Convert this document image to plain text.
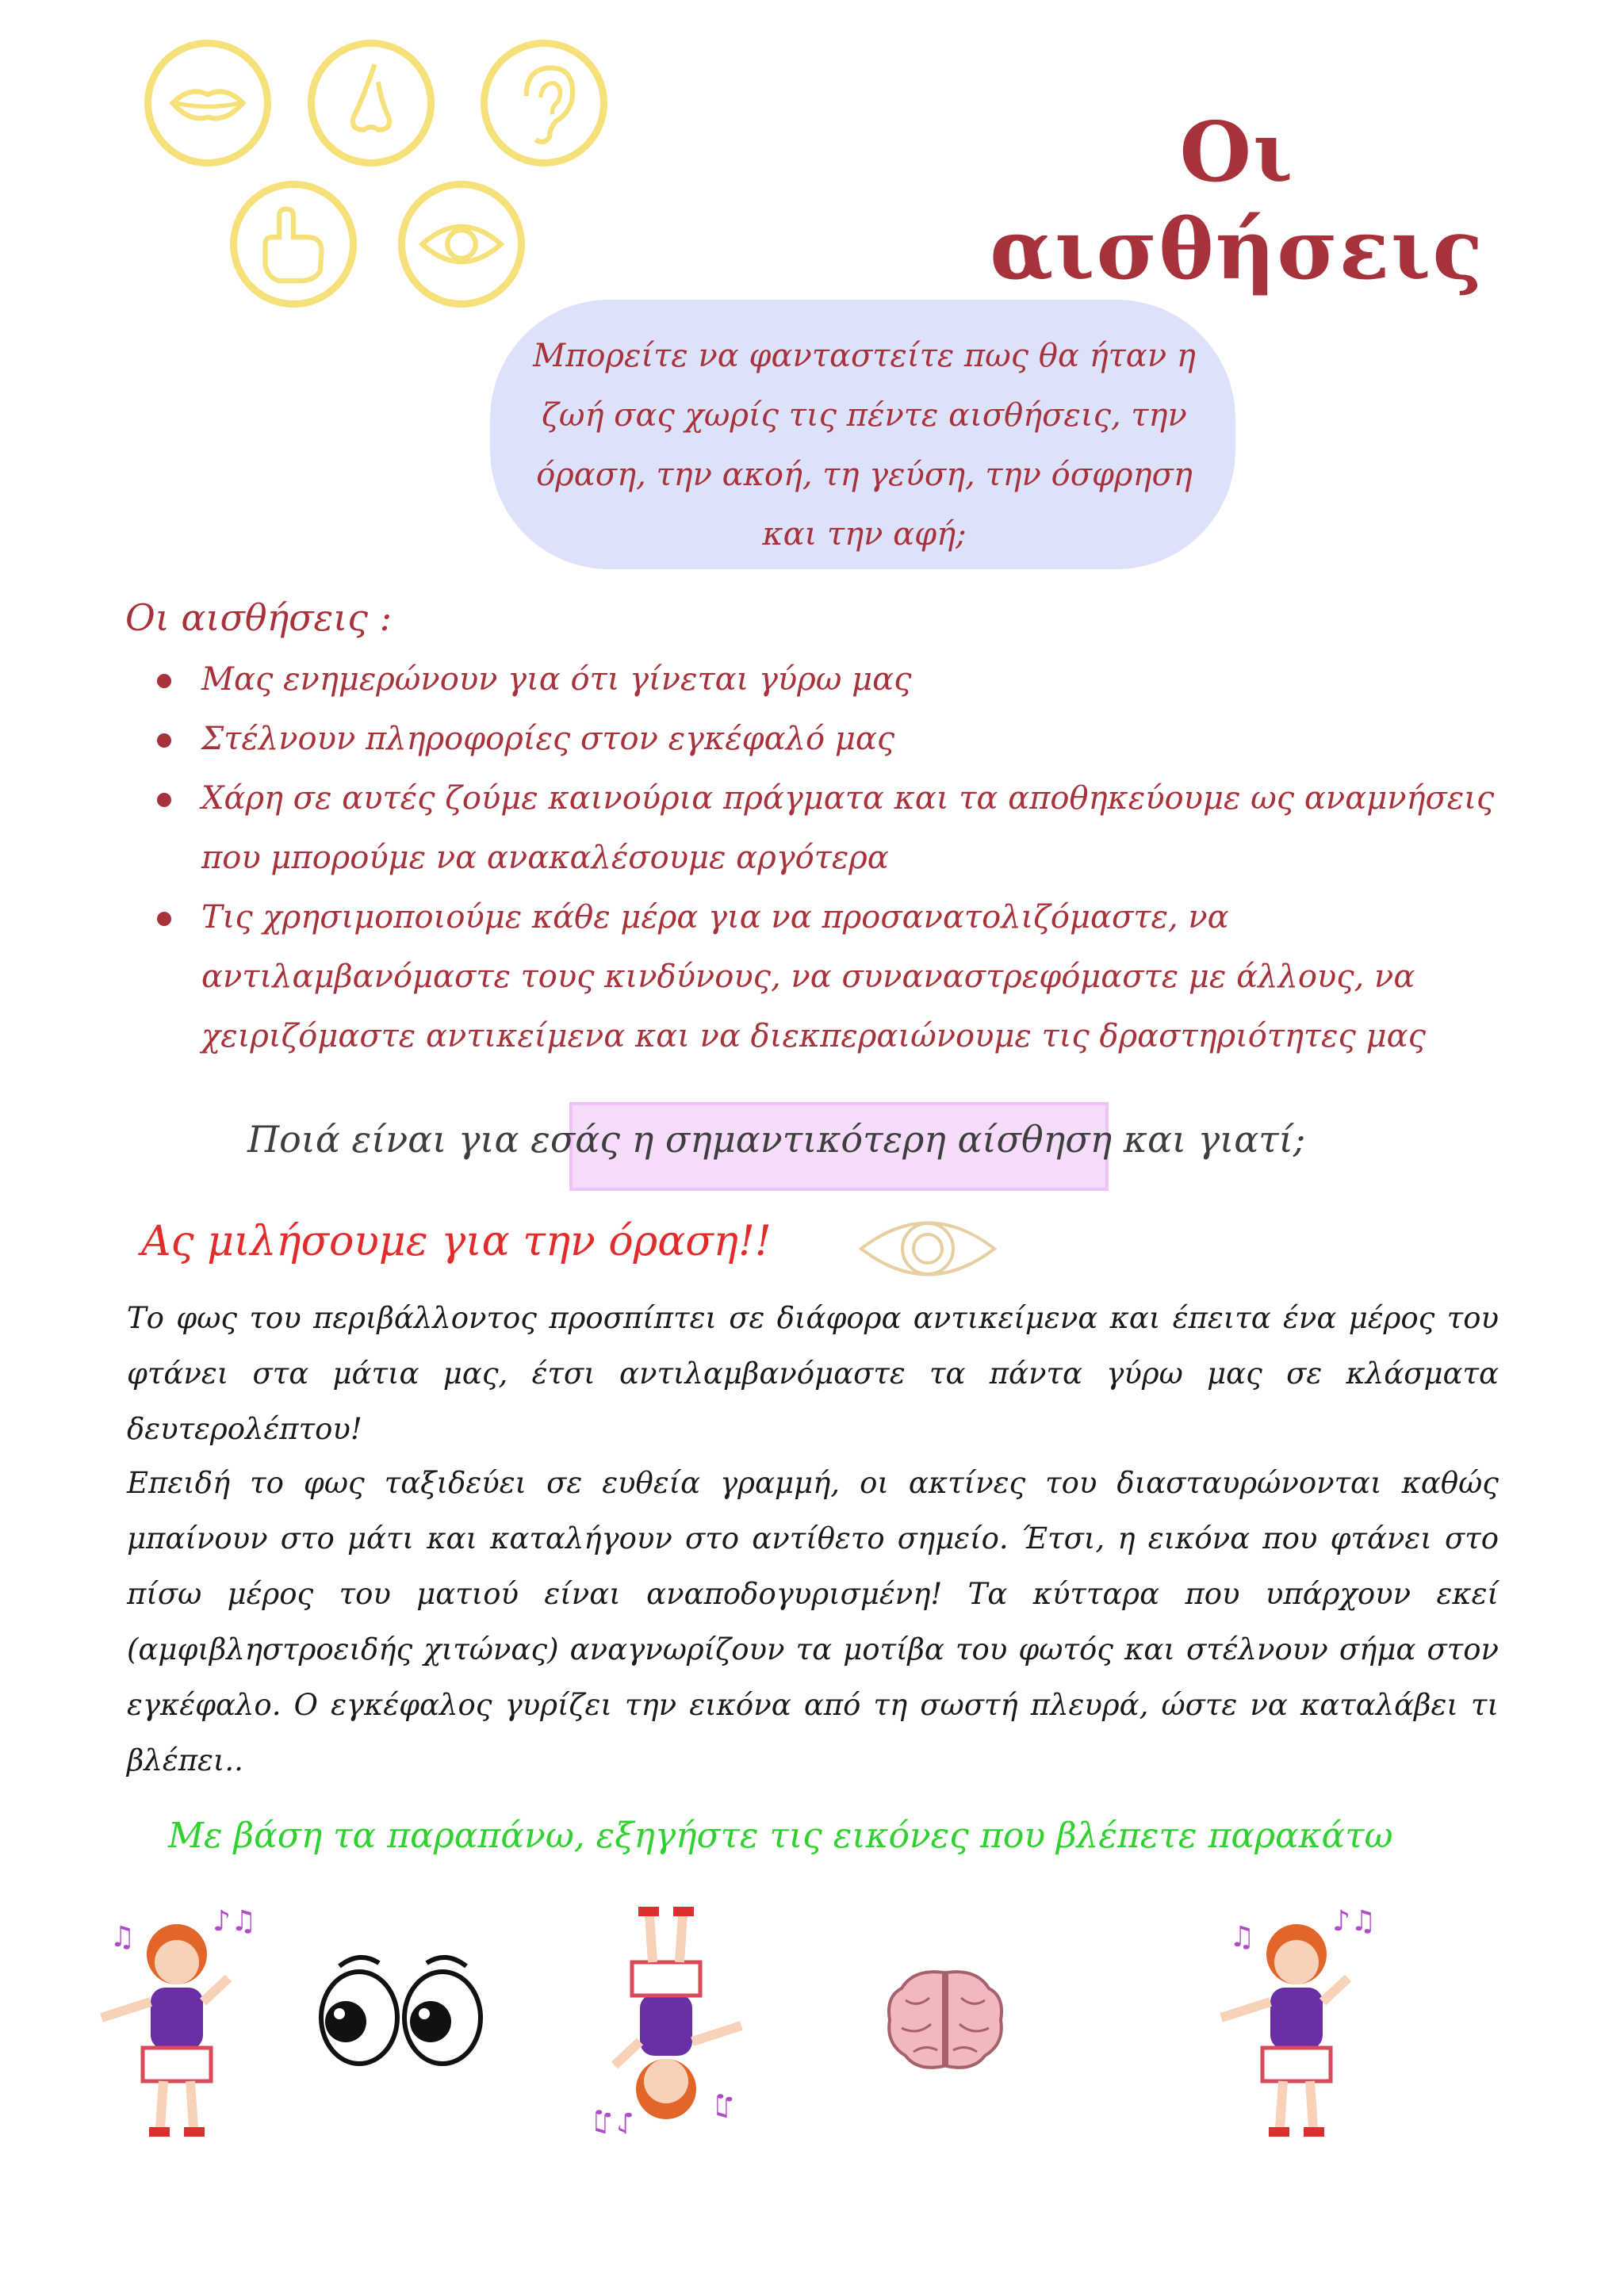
Οι αισθήσεις
Μπορείτε να φανταστείτε πως θα ήταν η ζωή σας χωρίς τις πέντε αισθήσεις, την όραση, την ακοή, τη γεύση, την όσφρηση και την αφή;
Οι αισθήσεις :
Μας ενημερώνουν για ότι γίνεται γύρω μας
Στέλνουν πληροφορίες στον εγκέφαλό μας
Χάρη σε αυτές ζούμε καινούρια πράγματα και τα αποθηκεύουμε ως αναμνήσεις που μπορούμε να ανακαλέσουμε αργότερα
Τις χρησιμοποιούμε κάθε μέρα για να προσανατολιζόμαστε, να αντιλαμβανόμαστε τους κινδύνους, να συναναστρεφόμαστε με άλλους, να χειριζόμαστε αντικείμενα και να διεκπεραιώνουμε τις δραστηριότητες μας
Ποιά είναι για εσάς η σημαντικότερη αίσθηση και γιατί;
Ας μιλήσουμε για την όραση!!
Το φως του περιβάλλοντος προσπίπτει σε διάφορα αντικείμενα και έπειτα ένα μέρος του φτάνει στα μάτια μας, έτσι αντιλαμβανόμαστε τα πάντα γύρω μας σε κλάσματα δευτερολέπτου!
Επειδή το φως ταξιδεύει σε ευθεία γραμμή, οι ακτίνες του διασταυρώνονται καθώς μπαίνουν στο μάτι και καταλήγουν στο αντίθετο σημείο. Έτσι, η εικόνα που φτάνει στο πίσω μέρος του ματιού είναι αναποδογυρισμένη! Τα κύτταρα που υπάρχουν εκεί (αμφιβληστροειδής χιτώνας) αναγνωρίζουν τα μοτίβα του φωτός και στέλνουν σήμα στον εγκέφαλο. Ο εγκέφαλος γυρίζει την εικόνα από τη σωστή πλευρά, ώστε να καταλάβει τι βλέπει..
Με βάση τα παραπάνω, εξηγήστε τις εικόνες που βλέπετε παρακάτω
♫	♪♫
♫
♪♫
♫	♪♫
